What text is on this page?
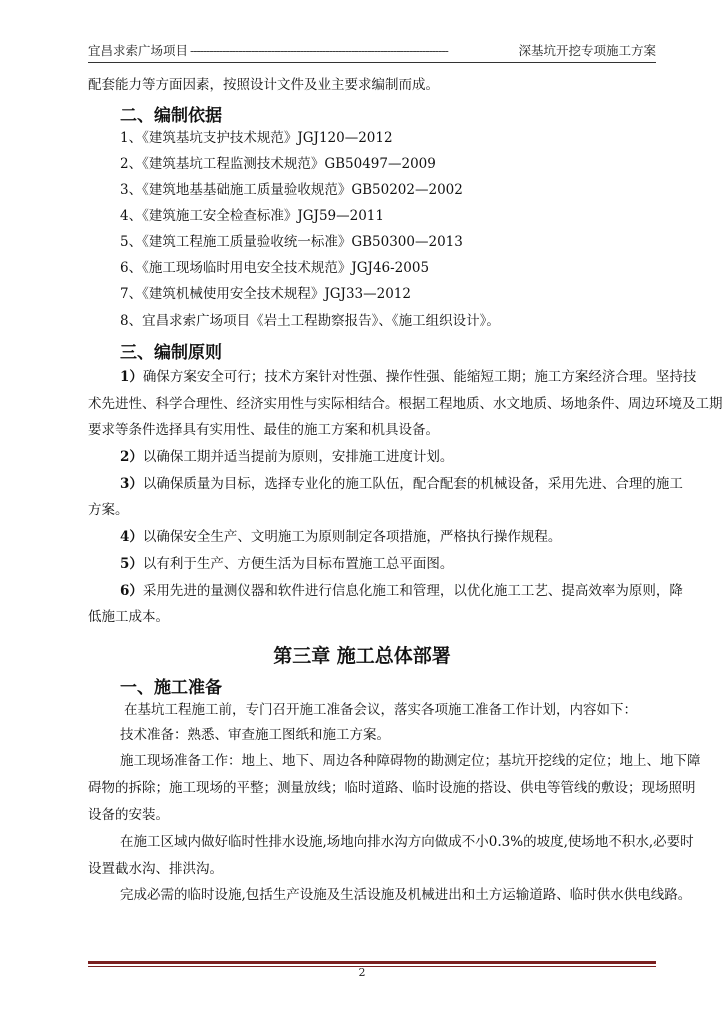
宜昌求索广场项目 --------------------------------------------------------------------------------	深基坑开挖专项施工方案
配套能力等方面因素，按照设计文件及业主要求编制而成。
二、编制依据
1、《建筑基坑支护技术规范》JGJ120—2012
2、《建筑基坑工程监测技术规范》GB50497—2009
3、《建筑地基基础施工质量验收规范》GB50202—2002
4、《建筑施工安全检查标准》JGJ59—2011
5、《建筑工程施工质量验收统一标准》GB50300—2013
6、《施工现场临时用电安全技术规范》JGJ46-2005
7、《建筑机械使用安全技术规程》JGJ33—2012
8、宜昌求索广场项目《岩土工程勘察报告》、《施工组织设计》。
三、编制原则
1）确保方案安全可行；技术方案针对性强、操作性强、能缩短工期；施工方案经济合理。坚持技
术先进性、科学合理性、经济实用性与实际相结合。根据工程地质、水文地质、场地条件、周边环境及工期
要求等条件选择具有实用性、最佳的施工方案和机具设备。
2）以确保工期并适当提前为原则，安排施工进度计划。
3）以确保质量为目标，选择专业化的施工队伍，配合配套的机械设备，采用先进、合理的施工
方案。
4）以确保安全生产、文明施工为原则制定各项措施，严格执行操作规程。
5）以有利于生产、方便生活为目标布置施工总平面图。
6）采用先进的量测仪器和软件进行信息化施工和管理，以优化施工工艺、提高效率为原则，降
低施工成本。
第三章 施工总体部署
一、施工准备
在基坑工程施工前，专门召开施工准备会议，落实各项施工准备工作计划，内容如下：
技术准备：熟悉、审查施工图纸和施工方案。
施工现场准备工作：地上、地下、周边各种障碍物的勘测定位；基坑开挖线的定位；地上、地下障
碍物的拆除；施工现场的平整；测量放线；临时道路、临时设施的搭设、供电等管线的敷设；现场照明
设备的安装。
在施工区域内做好临时性排水设施,场地向排水沟方向做成不小0.3%的坡度,使场地不积水,必要时
设置截水沟、排洪沟。
完成必需的临时设施,包括生产设施及生活设施及机械进出和土方运输道路、临时供水供电线路。
2
